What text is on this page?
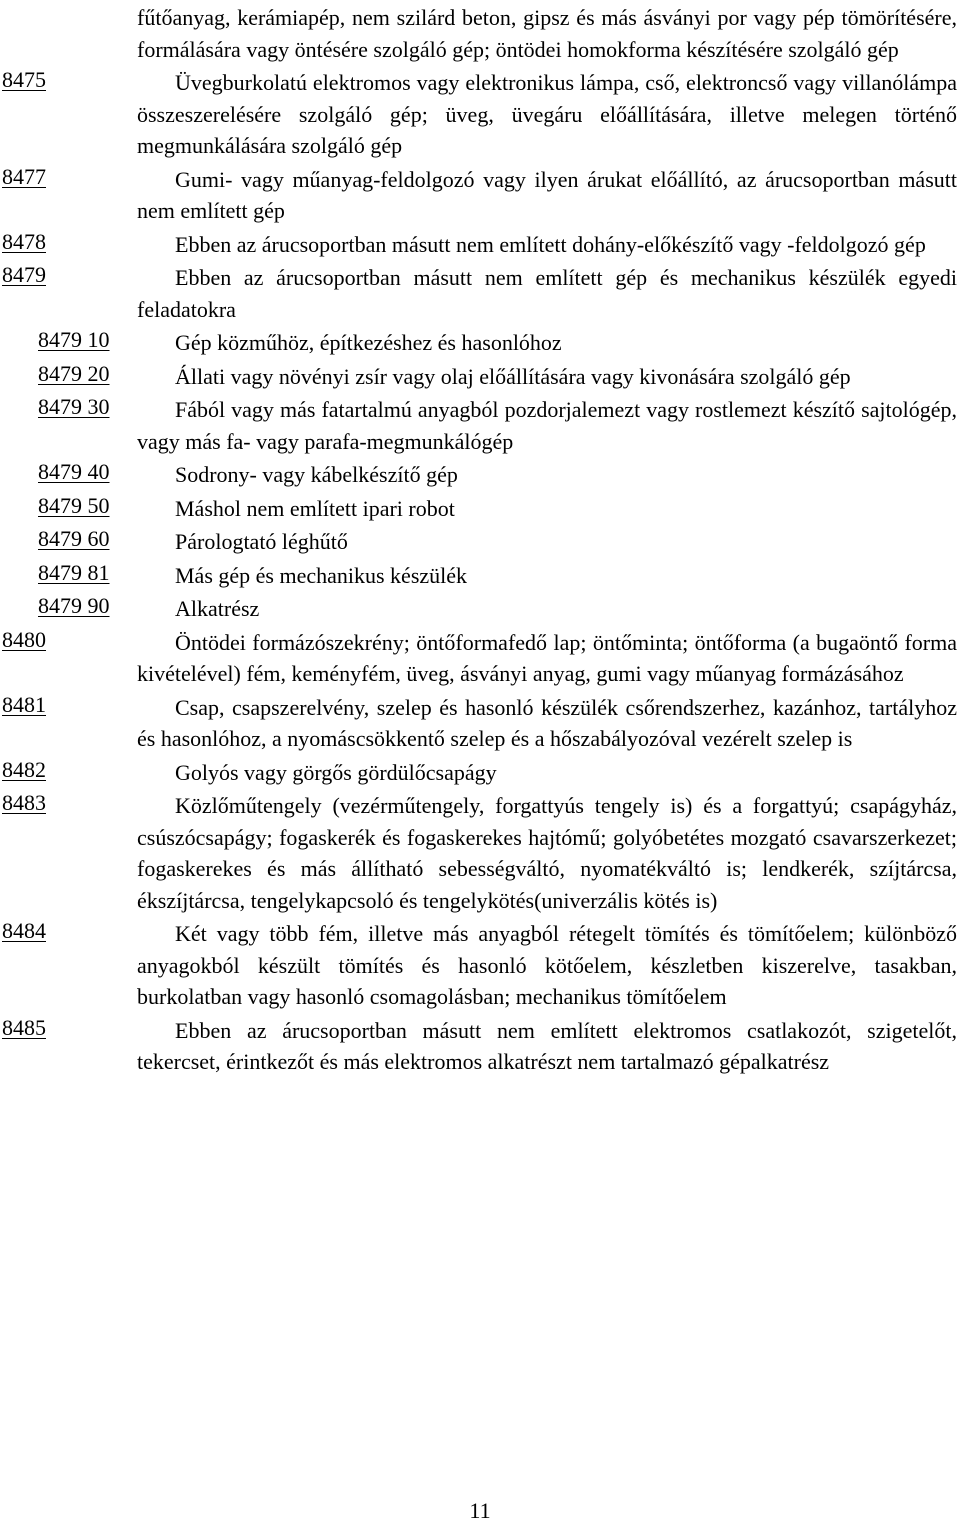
fűtőanyag, kerámiapép, nem szilárd beton, gipsz és más ásványi por vagy pép tömörítésére, formálására vagy öntésére szolgáló gép; öntödei homokforma készítésére szolgáló gép
8475	Üvegburkolatú elektromos vagy elektronikus lámpa, cső, elektroncső vagy villanólámpa összeszerelésére szolgáló gép; üveg, üvegáru előállítására, illetve melegen történő megmunkálására szolgáló gép
8477	Gumi- vagy műanyag-feldolgozó vagy ilyen árukat előállító, az árucsoportban másutt nem említett gép
8478	Ebben az árucsoportban másutt nem említett dohány-előkészítő vagy -feldolgozó gép
8479	Ebben az árucsoportban másutt nem említett gép és mechanikus készülék egyedi feladatokra
8479 10	Gép közműhöz, építkezéshez és hasonlóhoz
8479 20	Állati vagy növényi zsír vagy olaj előállítására vagy kivonására szolgáló gép
8479 30	Fából vagy más fatartalmú anyagból pozdorjalemezt vagy rostlemezt készítő sajtológép, vagy más fa- vagy parafa-megmunkálógép
8479 40	Sodrony- vagy kábelkészítő gép
8479 50	Máshol nem említett ipari robot
8479 60	Párologtató léghűtő
8479 81	Más gép és mechanikus készülék
8479 90	Alkatrész
8480	Öntödei formázószekrény; öntőformafedő lap; öntőminta; öntőforma (a bugaöntő forma kivételével) fém, keményfém, üveg, ásványi anyag, gumi vagy műanyag formázásához
8481	Csap, csapszerelvény, szelep és hasonló készülék csőrendszerhez, kazánhoz, tartályhoz és hasonlóhoz, a nyomáscsökkentő szelep és a hőszabályozóval vezérelt szelep is
8482	Golyós vagy görgős gördülőcsapágy
8483	Közlőműtengely (vezérműtengely, forgattyús tengely is) és a forgattyú; csapágyház, csúszócsapágy; fogaskerék és fogaskerekes hajtómű; golyóbetétes mozgató csavarszerkezet; fogaskerekes és más állítható sebességváltó, nyomatékváltó is; lendkerék, szíjtárcsa, ékszíjtárcsa, tengelykapcsoló és tengelykötés(univerzális kötés is)
8484	Két vagy több fém, illetve más anyagból rétegelt tömítés és tömítőelem; különböző anyagokból készült tömítés és hasonló kötőelem, készletben kiszerelve, tasakban, burkolatban vagy hasonló csomagolásban; mechanikus tömítőelem
8485	Ebben az árucsoportban másutt nem említett elektromos csatlakozót, szigetelőt, tekercset, érintkezőt és más elektromos alkatrészt nem tartalmazó gépalkatrész
11
